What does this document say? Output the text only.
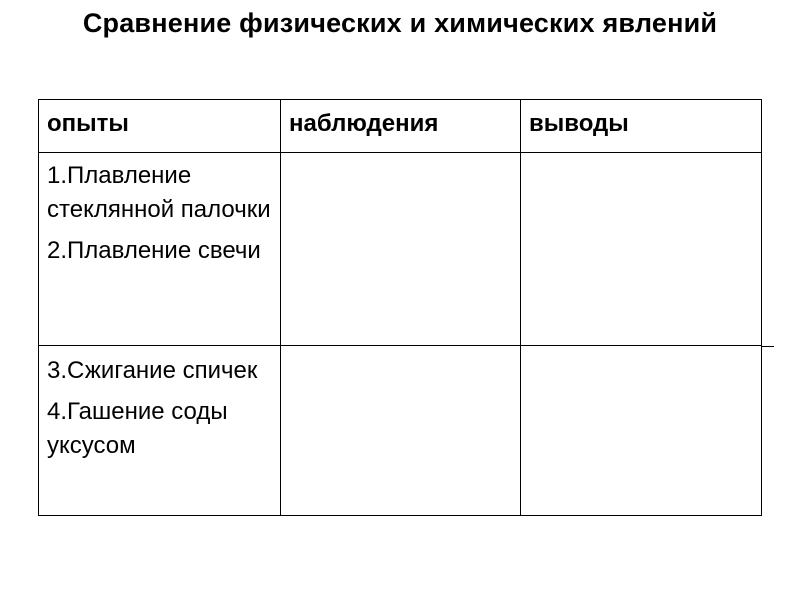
Сравнение физических и химических явлений
опыты	наблюдения	выводы

1.Плавление стеклянной палочки
2.Плавление свечи		

3.Сжигание спичек
4.Гашение соды уксусом		
